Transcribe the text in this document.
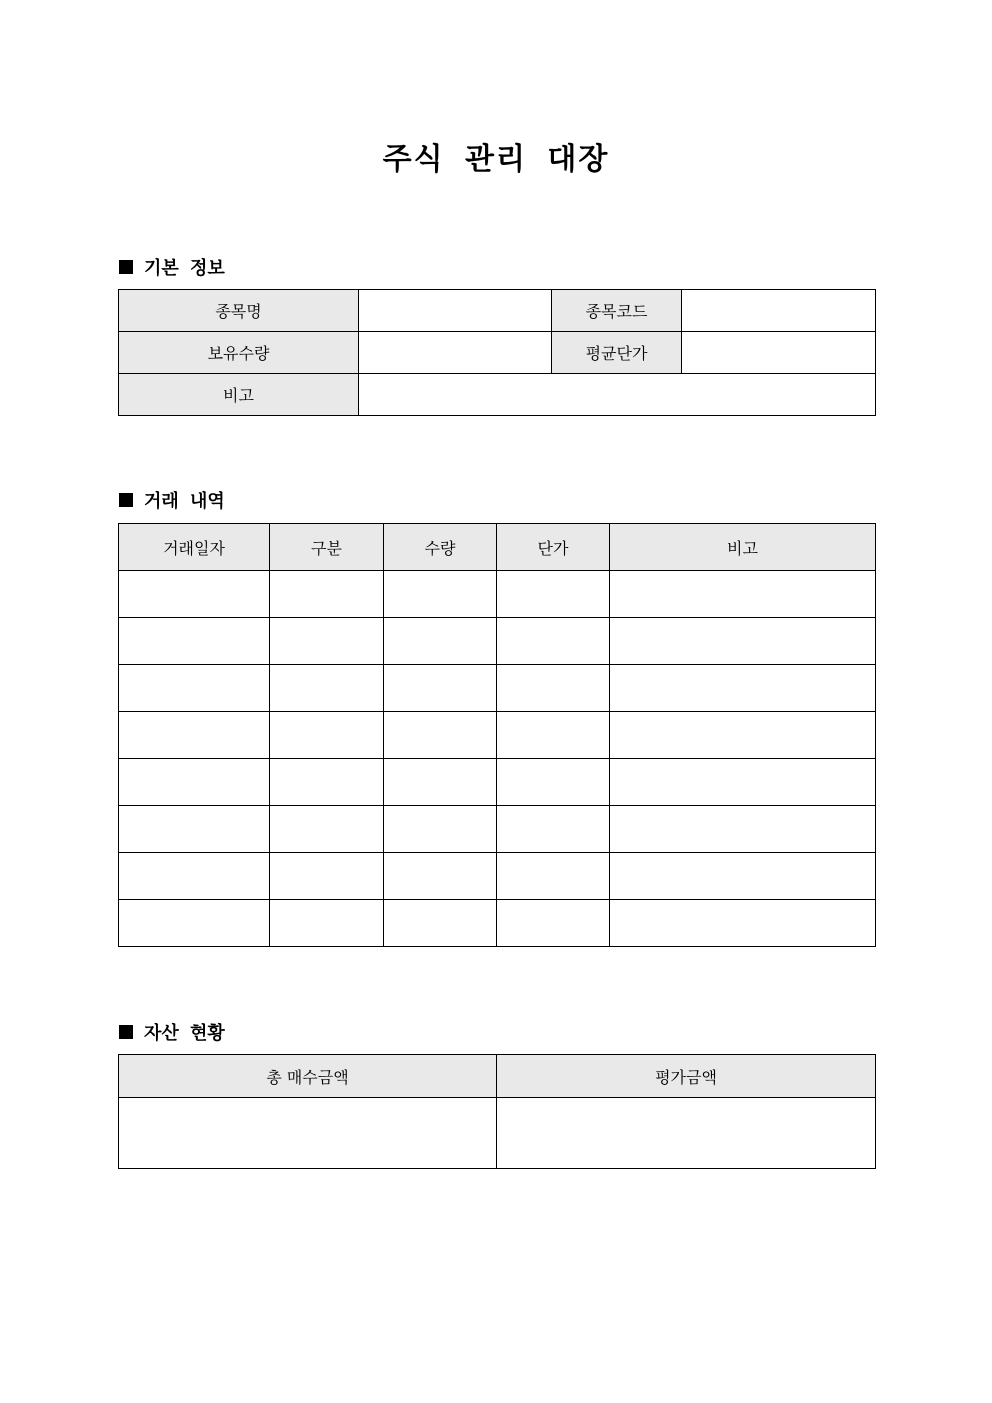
주식 관리 대장
기본 정보
종목명		종목코드	
보유수량		평균단가	
비고			
거래 내역
거래일자	구분	수량	단가	비고

자산 현황
총 매수금액	평가금액
